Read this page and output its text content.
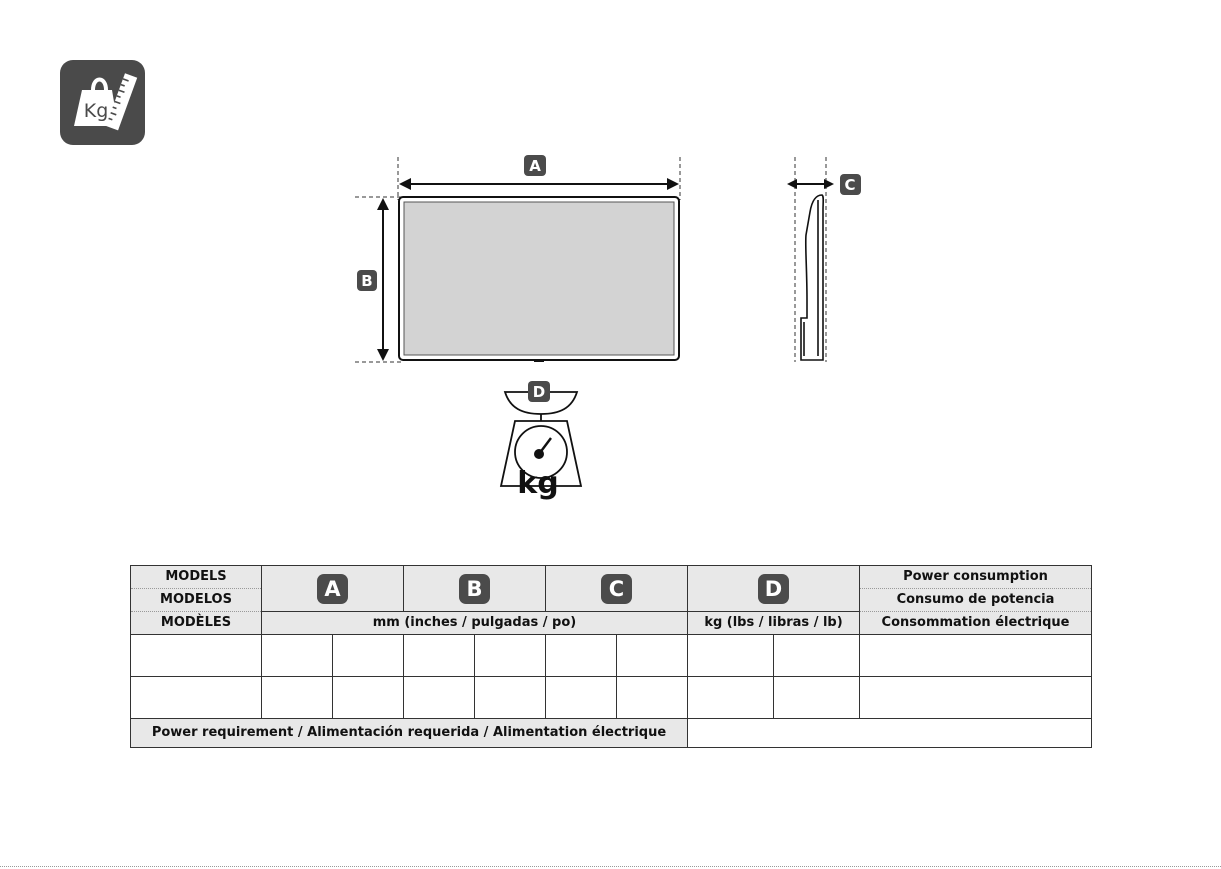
Kg
A
B
C
kg
D
MODELS	A		B		C		D		Power consumption
MODELOS									Consumo de potencia
MODÈLES	mm (inches / pulgadas / po)						kg (lbs / libras / lb)		Consommation électrique

Power requirement / Alimentación requerida / Alimentation électrique									
